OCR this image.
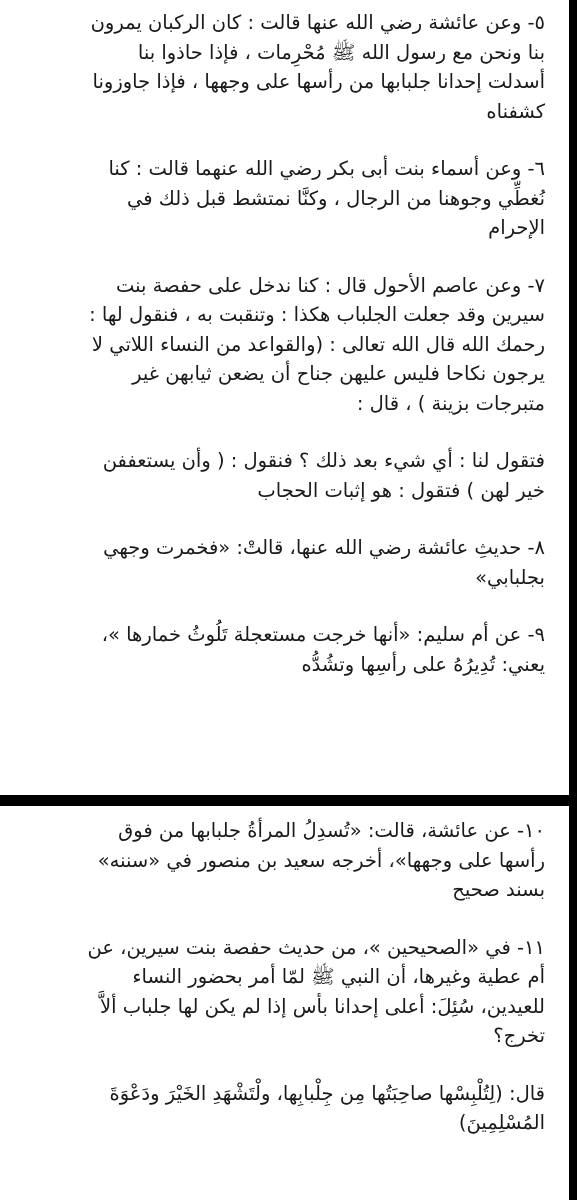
٥- وعن عائشة رضي الله عنها قالت : كان الركبان يمرون
بنا ونحن مع رسول الله ﷺ مُحْرِمات ، فإذا حاذوا بنا
أسدلت إحدانا جلبابها من رأسها على وجهها ، فإذا جاوزونا
كشفناه

٦- وعن أسماء بنت أبى بكر رضي الله عنهما قالت : كنا
نُغطِّي وجوهنا من الرجال ، وكنَّا نمتشط قبل ذلك في
الإحرام

٧- وعن عاصم الأحول قال : كنا ندخل على حفصة بنت
سيرين وقد جعلت الجلباب هكذا : وتنقبت به ، فنقول لها :
رحمك الله قال الله تعالى : (والقواعد من النساء اللاتي لا
يرجون نكاحا فليس عليهن جناح أن يضعن ثيابهن غير
متبرجات بزينة ) ، قال :

فتقول لنا : أي شيء بعد ذلك ؟ فنقول : ( وأن يستعففن
خير لهن ) فتقول : هو إثبات الحجاب

٨- حديثِ عائشة رضي الله عنها، قالتْ: «فخمرت وجهي
بجلبابي»

٩- عن أم سليم: «أنها خرجت مستعجلة تَلُوثُ خمارها »،
يعني: تُدِيرُهُ على رأسِها وتشُدُّه

١٠- عن عائشة، قالت: «تُسدِلُ المرأةُ جلبابها من فوق
رأسها على وجهها»، أخرجه سعيد بن منصور في «سننه»
بسند صحيح

١١- في «الصحيحين »، من حديث حفصة بنت سيرين، عن
أم عطية وغيرها، أن النبي ﷺ لمّا أمر بحضور النساء
للعيدين، سُئِلَ: أعلى إحدانا بأس إذا لم يكن لها جلباب ألاَّ
تخرج؟

قال: (لِتُلْبِسْها صاحِبَتُها مِن جِلْبابِها، ولْتَشْهَدِ الخَيْرَ ودَعْوَةَ
المُسْلِمِينَ)
